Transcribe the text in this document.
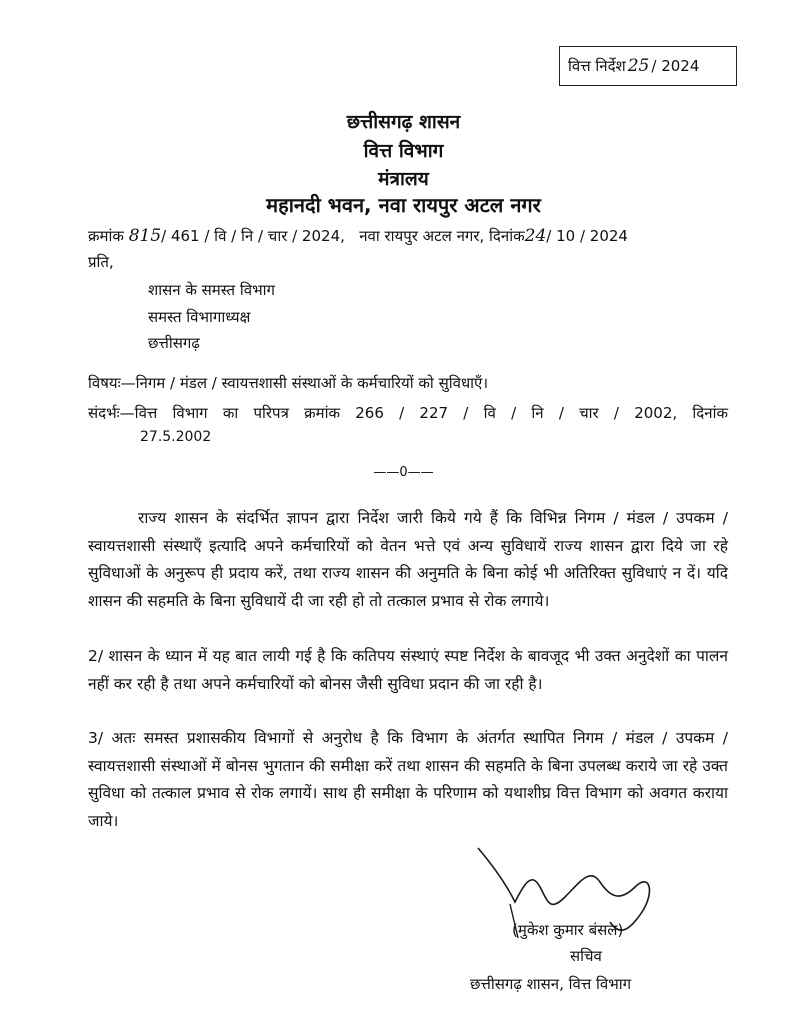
वित्त निर्देश 25 / 2024
छत्तीसगढ़ शासन
वित्त विभाग
मंत्रालय
महानदी भवन, नवा रायपुर अटल नगर
क्रमांक 815/ 461 / वि / नि / चार / 2024, नवा रायपुर अटल नगर, दिनांक24/ 10 / 2024
प्रति,
शासन के समस्त विभाग
समस्त विभागाध्यक्ष
छत्तीसगढ़
विषयः—निगम / मंडल / स्वायत्तशासी संस्थाओं के कर्मचारियों को सुविधाएँ।
संदर्भः—वित्त विभाग का परिपत्र क्रमांक 266 / 227 / वि / नि / चार / 2002, दिनांक
27.5.2002
——0——
राज्य शासन के संदर्भित ज्ञापन द्वारा निर्देश जारी किये गये हैं कि विभिन्न निगम / मंडल / उपकम / स्वायत्तशासी संस्थाएँ इत्यादि अपने कर्मचारियों को वेतन भत्ते एवं अन्य सुविधायें राज्य शासन द्वारा दिये जा रहे सुविधाओं के अनुरूप ही प्रदाय करें, तथा राज्य शासन की अनुमति के बिना कोई भी अतिरिक्त सुविधाएं न दें। यदि शासन की सहमति के बिना सुविधायें दी जा रही हो तो तत्काल प्रभाव से रोक लगाये।
2/ शासन के ध्यान में यह बात लायी गई है कि कतिपय संस्थाएं स्पष्ट निर्देश के बावजूद भी उक्त अनुदेशों का पालन नहीं कर रही है तथा अपने कर्मचारियों को बोनस जैसी सुविधा प्रदान की जा रही है।
3/ अतः समस्त प्रशासकीय विभागों से अनुरोध है कि विभाग के अंतर्गत स्थापित निगम / मंडल / उपकम / स्वायत्तशासी संस्थाओं में बोनस भुगतान की समीक्षा करें तथा शासन की सहमति के बिना उपलब्ध कराये जा रहे उक्त सुविधा को तत्काल प्रभाव से रोक लगायें। साथ ही समीक्षा के परिणाम को यथाशीघ्र वित्त विभाग को अवगत कराया जाये।
(मुकेश कुमार बंसल)
सचिव
छत्तीसगढ़ शासन, वित्त विभाग
